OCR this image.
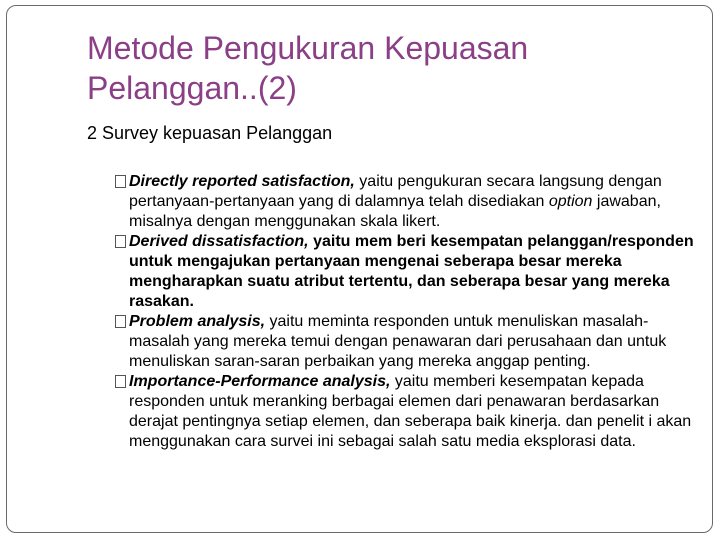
Metode Pengukuran Kepuasan
Pelanggan..(2)
2 Survey kepuasan Pelanggan
Directly reported satisfaction, yaitu pengukuran secara langsung dengan pertanyaan-pertanyaan yang di dalamnya telah disediakan option jawaban, misalnya dengan menggunakan skala likert.
Derived dissatisfaction, yaitu mem beri kesempatan pelanggan/responden untuk mengajukan pertanyaan mengenai seberapa besar mereka mengharapkan suatu atribut tertentu, dan seberapa besar yang mereka rasakan.
Problem analysis, yaitu meminta responden untuk menuliskan masalah-masalah yang mereka temui dengan penawaran dari perusahaan dan untuk menuliskan saran-saran perbaikan yang mereka anggap penting.
Importance-Performance analysis, yaitu memberi kesempatan kepada responden untuk meranking berbagai elemen dari penawaran berdasarkan derajat pentingnya setiap elemen, dan seberapa baik kinerja. dan penelit i akan menggunakan cara survei ini sebagai salah satu media eksplorasi data.
